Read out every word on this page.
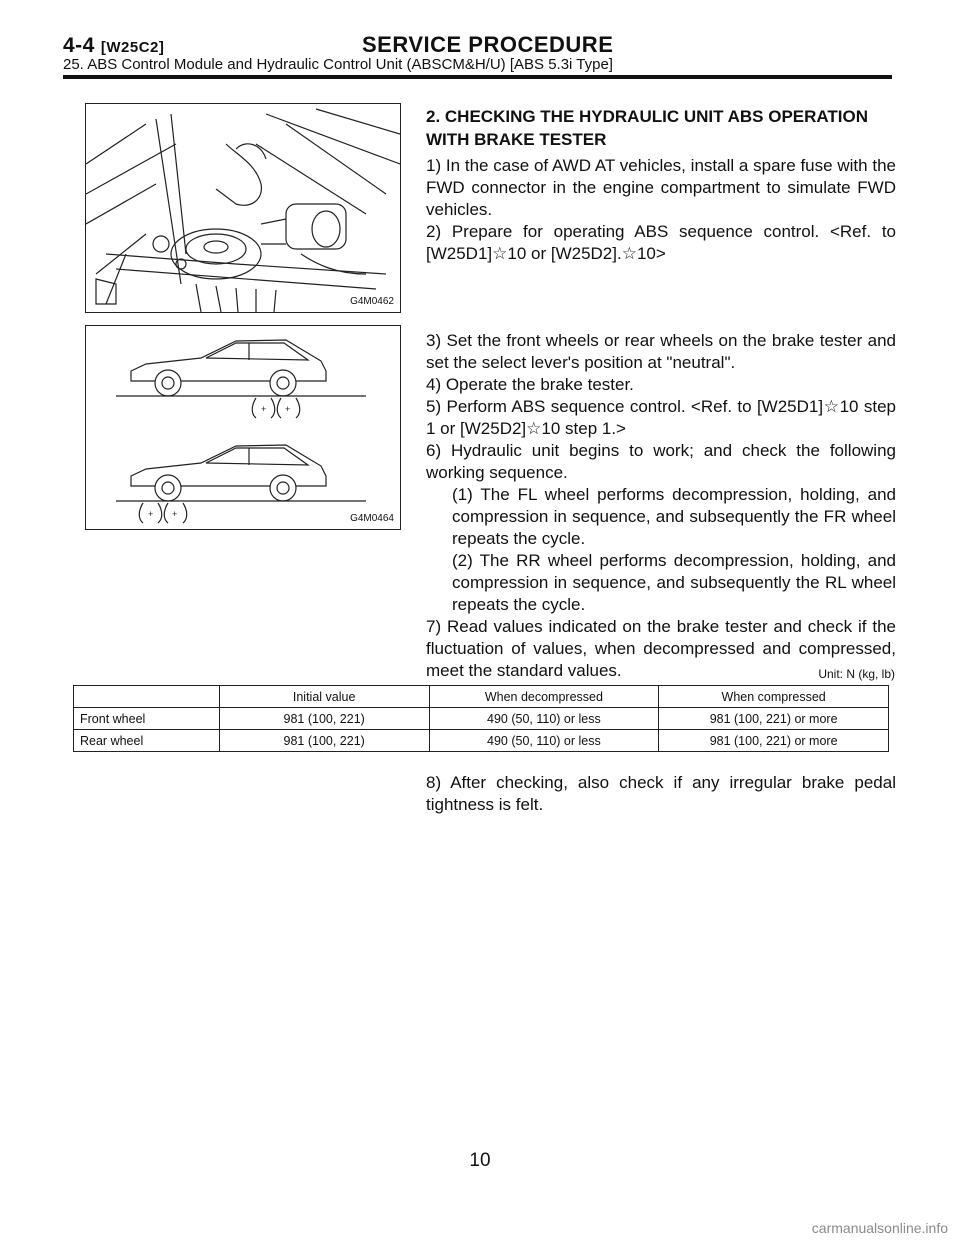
4-4 [W25C2]	SERVICE PROCEDURE
25. ABS Control Module and Hydraulic Control Unit (ABSCM&H/U) [ABS 5.3i Type]
G4M0462
+ +
+ +	G4M0464
2. CHECKING THE HYDRAULIC UNIT ABS OPERATION
WITH BRAKE TESTER
1) In the case of AWD AT vehicles, install a spare fuse with the FWD connector in the engine compartment to simulate FWD vehicles.
2) Prepare for operating ABS sequence control. <Ref. to [W25D1]☆10 or [W25D2].☆10>
3) Set the front wheels or rear wheels on the brake tester and set the select lever's position at "neutral".
4) Operate the brake tester.
5) Perform ABS sequence control. <Ref. to [W25D1]☆10 step 1 or [W25D2]☆10 step 1.>
6) Hydraulic unit begins to work; and check the following working sequence.
(1) The FL wheel performs decompression, holding, and compression in sequence, and subsequently the FR wheel repeats the cycle.
(2) The RR wheel performs decompression, holding, and compression in sequence, and subsequently the RL wheel repeats the cycle.
7) Read values indicated on the brake tester and check if the fluctuation of values, when decompressed and compressed, meet the standard values.	Unit: N (kg, lb)
	Initial value	When decompressed	When compressed
Front wheel	981 (100, 221)	490 (50, 110) or less	981 (100, 221) or more
Rear wheel	981 (100, 221)	490 (50, 110) or less	981 (100, 221) or more
8) After checking, also check if any irregular brake pedal tightness is felt.
10
carmanualsonline.info
